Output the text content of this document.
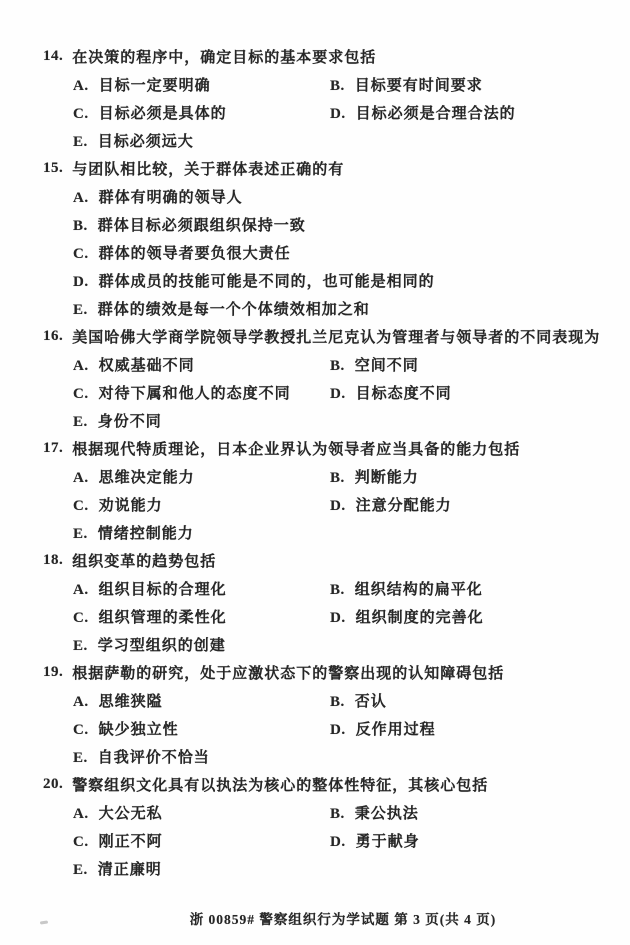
14. 在决策的程序中，确定目标的基本要求包括
A. 目标一定要明确	B. 目标要有时间要求
C. 目标必须是具体的	D. 目标必须是合理合法的
E. 目标必须远大
15. 与团队相比较，关于群体表述正确的有
A. 群体有明确的领导人
B. 群体目标必须跟组织保持一致
C. 群体的领导者要负很大责任
D. 群体成员的技能可能是不同的，也可能是相同的
E. 群体的绩效是每一个个体绩效相加之和
16. 美国哈佛大学商学院领导学教授扎兰尼克认为管理者与领导者的不同表现为
A. 权威基础不同	B. 空间不同
C. 对待下属和他人的态度不同	D. 目标态度不同
E. 身份不同
17. 根据现代特质理论，日本企业界认为领导者应当具备的能力包括
A. 思维决定能力	B. 判断能力
C. 劝说能力	D. 注意分配能力
E. 情绪控制能力
18. 组织变革的趋势包括
A. 组织目标的合理化	B. 组织结构的扁平化
C. 组织管理的柔性化	D. 组织制度的完善化
E. 学习型组织的创建
19. 根据萨勒的研究，处于应激状态下的警察出现的认知障碍包括
A. 思维狭隘	B. 否认
C. 缺少独立性	D. 反作用过程
E. 自我评价不恰当
20. 警察组织文化具有以执法为核心的整体性特征，其核心包括
A. 大公无私	B. 秉公执法
C. 刚正不阿	D. 勇于献身
E. 清正廉明
浙 00859# 警察组织行为学试题 第 3 页(共 4 页)
